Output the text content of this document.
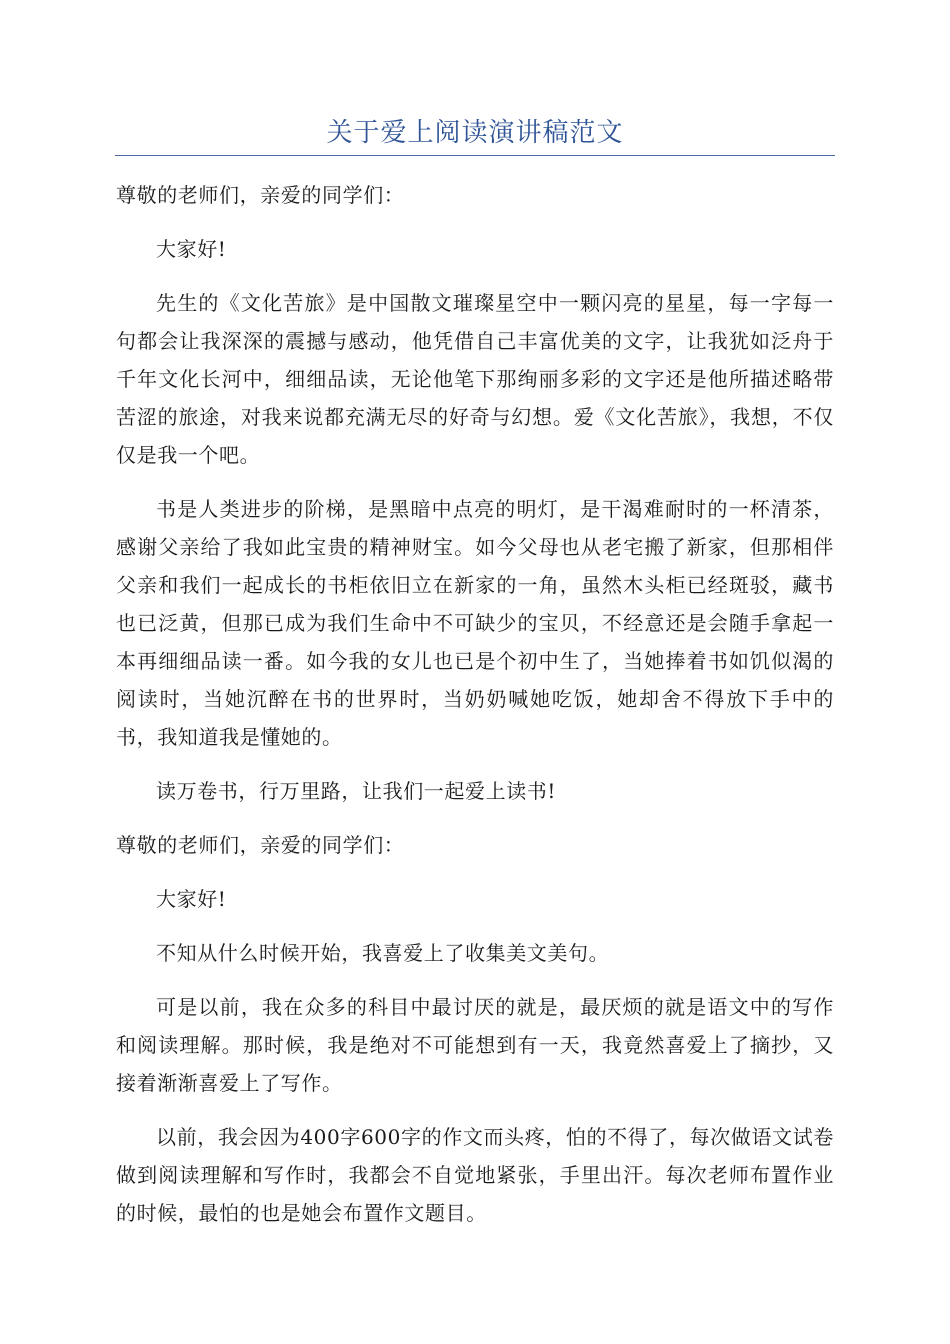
关于爱上阅读演讲稿范文

尊敬的老师们，亲爱的同学们：

大家好!

先生的《文化苦旅》是中国散文璀璨星空中一颗闪亮的星星，每一字每一句都会让我深深的震撼与感动，他凭借自己丰富优美的文字，让我犹如泛舟于千年文化长河中，细细品读，无论他笔下那绚丽多彩的文字还是他所描述略带苦涩的旅途，对我来说都充满无尽的好奇与幻想。爱《文化苦旅》，我想，不仅仅是我一个吧。

书是人类进步的阶梯，是黑暗中点亮的明灯，是干渴难耐时的一杯清茶，感谢父亲给了我如此宝贵的精神财宝。如今父母也从老宅搬了新家，但那相伴父亲和我们一起成长的书柜依旧立在新家的一角，虽然木头柜已经斑驳，藏书也已泛黄，但那已成为我们生命中不可缺少的宝贝，不经意还是会随手拿起一本再细细品读一番。如今我的女儿也已是个初中生了，当她捧着书如饥似渴的阅读时，当她沉醉在书的世界时，当奶奶喊她吃饭，她却舍不得放下手中的书，我知道我是懂她的。

读万卷书，行万里路，让我们一起爱上读书!

尊敬的老师们，亲爱的同学们：

大家好!

不知从什么时候开始，我喜爱上了收集美文美句。

可是以前，我在众多的科目中最讨厌的就是，最厌烦的就是语文中的写作和阅读理解。那时候，我是绝对不可能想到有一天，我竟然喜爱上了摘抄，又接着渐渐喜爱上了写作。

以前，我会因为400字600字的作文而头疼，怕的不得了，每次做语文试卷做到阅读理解和写作时，我都会不自觉地紧张，手里出汗。每次老师布置作业的时候，最怕的也是她会布置作文题目。
